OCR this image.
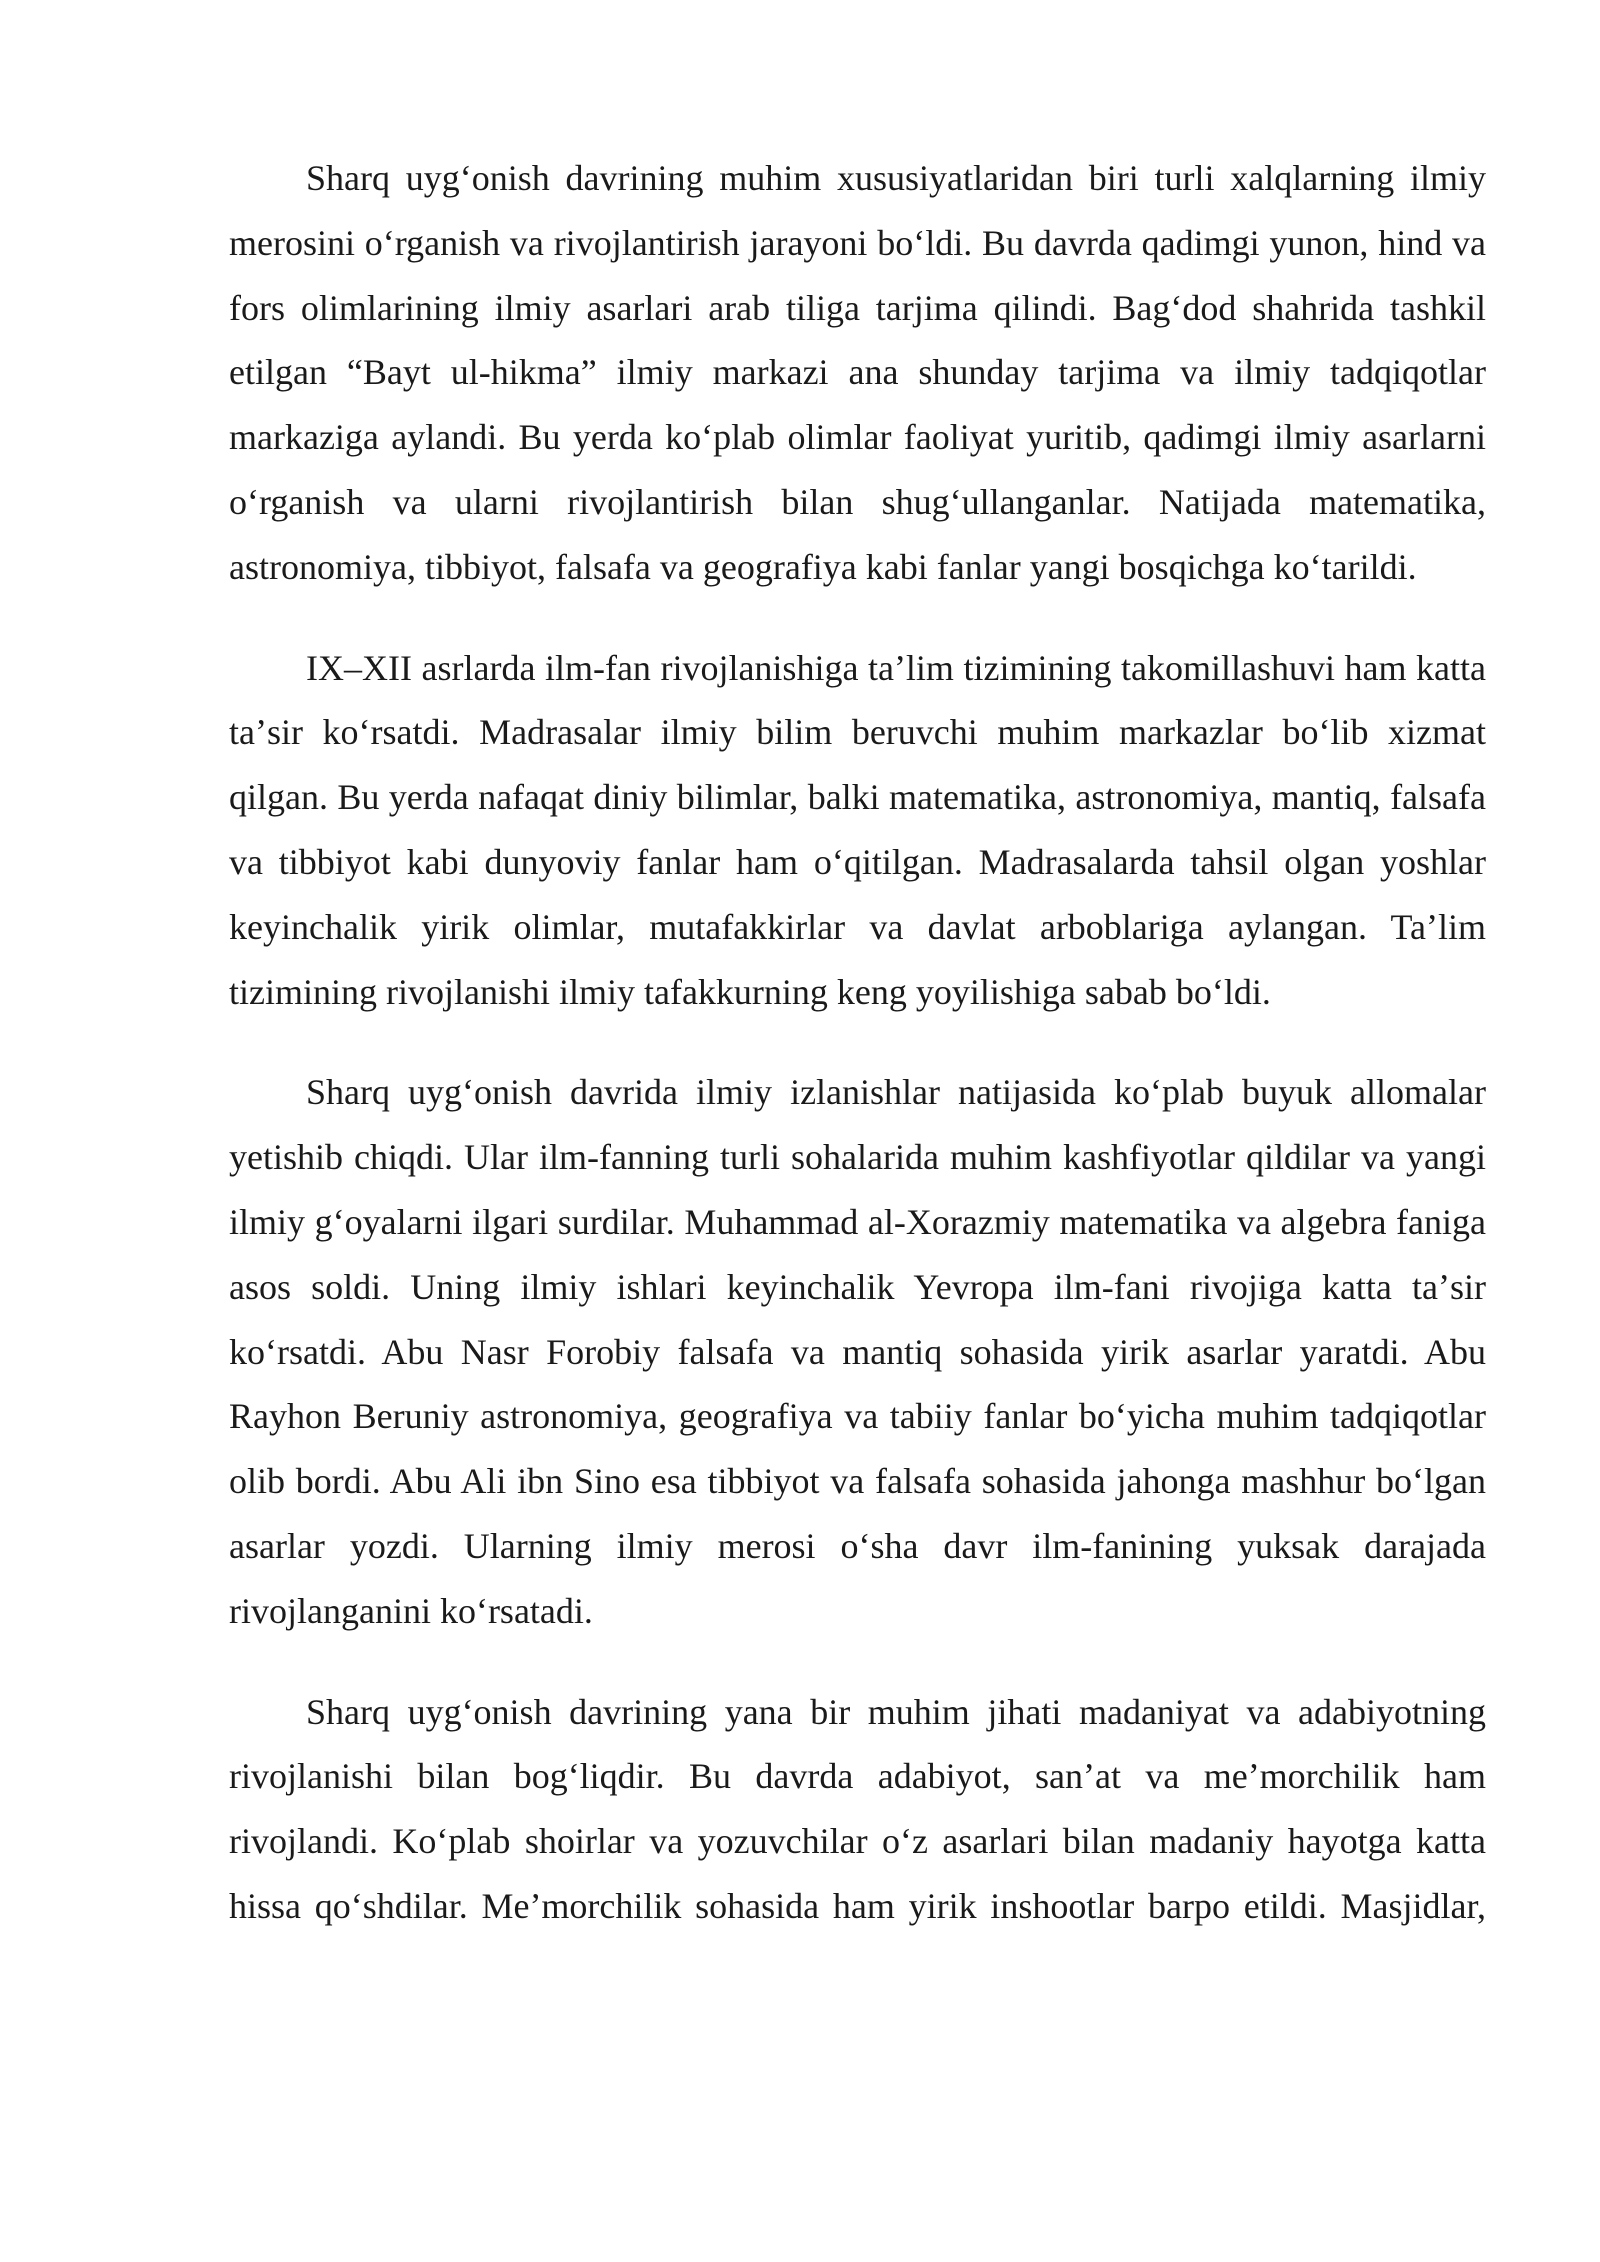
Sharq uygʻonish davrining muhim xususiyatlaridan biri turli xalqlarning ilmiy merosini oʻrganish va rivojlantirish jarayoni boʻldi. Bu davrda qadimgi yunon, hind va fors olimlarining ilmiy asarlari arab tiliga tarjima qilindi. Bagʻdod shahrida tashkil etilgan “Bayt ul-hikma” ilmiy markazi ana shunday tarjima va ilmiy tadqiqotlar markaziga aylandi. Bu yerda koʻplab olimlar faoliyat yuritib, qadimgi ilmiy asarlarni oʻrganish va ularni rivojlantirish bilan shugʻullanganlar. Natijada matematika, astronomiya, tibbiyot, falsafa va geografiya kabi fanlar yangi bosqichga koʻtarildi.

IX–XII asrlarda ilm-fan rivojlanishiga taʼlim tizimining takomillashuvi ham katta taʼsir koʻrsatdi. Madrasalar ilmiy bilim beruvchi muhim markazlar boʻlib xizmat qilgan. Bu yerda nafaqat diniy bilimlar, balki matematika, astronomiya, mantiq, falsafa va tibbiyot kabi dunyoviy fanlar ham oʻqitilgan. Madrasalarda tahsil olgan yoshlar keyinchalik yirik olimlar, mutafakkirlar va davlat arboblariga aylangan. Taʼlim tizimining rivojlanishi ilmiy tafakkurning keng yoyilishiga sabab boʻldi.

Sharq uygʻonish davrida ilmiy izlanishlar natijasida koʻplab buyuk allomalar yetishib chiqdi. Ular ilm-fanning turli sohalarida muhim kashfiyotlar qildilar va yangi ilmiy gʻoyalarni ilgari surdilar. Muhammad al-Xorazmiy matematika va algebra faniga asos soldi. Uning ilmiy ishlari keyinchalik Yevropa ilm-fani rivojiga katta taʼsir koʻrsatdi. Abu Nasr Forobiy falsafa va mantiq sohasida yirik asarlar yaratdi. Abu Rayhon Beruniy astronomiya, geografiya va tabiiy fanlar boʻyicha muhim tadqiqotlar olib bordi. Abu Ali ibn Sino esa tibbiyot va falsafa sohasida jahonga mashhur boʻlgan asarlar yozdi. Ularning ilmiy merosi oʻsha davr ilm-fanining yuksak darajada rivojlanganini koʻrsatadi.

Sharq uygʻonish davrining yana bir muhim jihati madaniyat va adabiyotning rivojlanishi bilan bogʻliqdir. Bu davrda adabiyot, sanʼat va meʼmorchilik ham rivojlandi. Koʻplab shoirlar va yozuvchilar oʻz asarlari bilan madaniy hayotga katta hissa qoʻshdilar. Meʼmorchilik sohasida ham yirik inshootlar barpo etildi. Masjidlar,
